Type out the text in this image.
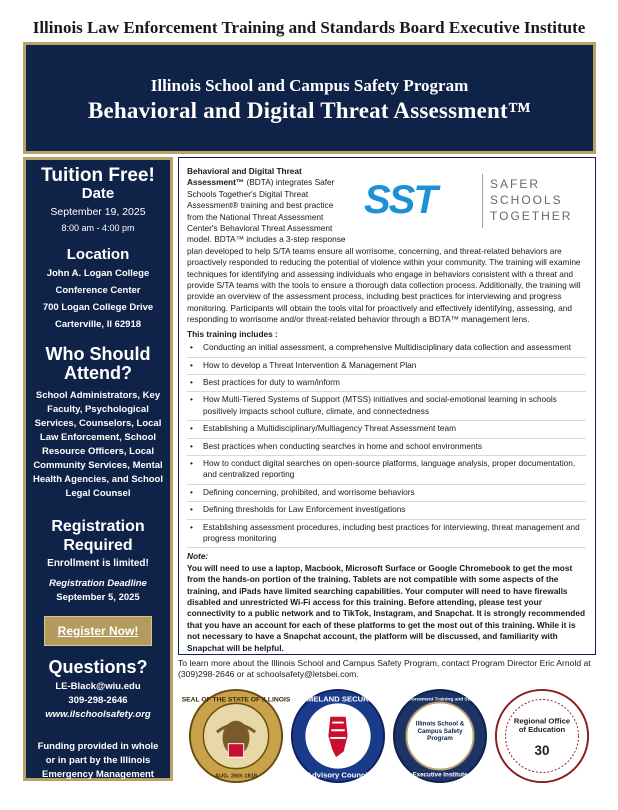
Illinois Law Enforcement Training and Standards Board Executive Institute
Illinois School and Campus Safety Program
Behavioral and Digital Threat Assessment™
Tuition Free!
Date
September 19, 2025
8:00 am - 4:00 pm
Location
John A. Logan College
Conference Center
700 Logan College Drive
Carterville, Il 62918
Who Should Attend?
School Administrators, Key Faculty, Psychological Services, Counselors, Local Law Enforcement, School Resource Officers, Local Community Services, Mental Health Agencies, and School Legal Counsel
Registration Required
Enrollment is limited!
Registration Deadline
September 5, 2025
Register Now!
Questions?
LE-Black@wiu.edu
309-298-2646
www.ilschoolsafety.org
Funding provided in whole or in part by the Illinois Emergency Management Agency, Office of Homeland Security
SST	SAFER
SCHOOLS
TOGETHER

Behavioral and Digital Threat Assessment™ (BDTA) integrates Safer Schools Together's Digital Threat Assessment® training and best practice from the National Threat Assessment Center's Behavioral Threat Assessment model. BDTA™ includes a 3-step response plan developed to help S/TA teams ensure all worrisome, concerning, and threat-related behaviors are proactively responded to reducing the potential of violence within your community. The training will examine techniques for identifying and assessing individuals who engage in behaviors consistent with a threat and provide S/TA teams with the tools to ensure a thorough data collection process. Additionally, the training will provide an overview of the assessment process, including best practices for interviewing and progress monitoring. Participants will obtain the tools vital for proactively and effectively identifying, assessing, and responding to worrisome and/or threat-related behavior through a BDTA™ management lens.

This training includes :
• Conducting an initial assessment, a comprehensive Multidisciplinary data collection and assessment
• How to develop a Threat Intervention & Management Plan
• Best practices for duty to warn/inform
• How Multi-Tiered Systems of Support (MTSS) initiatives and social-emotional learning in schools positively impacts school culture, climate, and connectedness
• Establishing a Multidisciplinary/Multiagency Threat Assessment team
• Best practices when conducting searches in home and school environments
• How to conduct digital searches on open-source platforms, language analysis, proper documentation, and centralized reporting
• Defining concerning, prohibited, and worrisome behaviors
• Defining thresholds for Law Enforcement investigations
• Establishing assessment procedures, including best practices for interviewing, threat management and progress monitoring
Note:
You will need to use a laptop, Macbook, Microsoft Surface or Google Chromebook to get the most from the hands-on portion of the training. Tablets are not compatible with some aspects of the training, and iPads have limited searching capabilities. Your computer will need to have firewalls disabled and unrestricted Wi-Fi access for this training. Before attending, please test your connectivity to a public network and to TikTok, Instagram, and Snapchat. It is strongly recommended that you have an account for each of these platforms to get the most out of this training. While it is not necessary to have a Snapchat account, the platform will be discussed, and familiarity with Snapchat will be helpful.
To learn more about the Illinois School and Campus Safety Program, contact Program Director Eric Arnold at (309)298-2646 or at schoolsafety@letsbei.com.
SEAL OF THE STATE OF ILLINOIS
AUG. 26th 1818
HOMELAND SECURITY
Advisory Council
Illinois Law Enforcement Training and Standards Board
Illinois School & Campus Safety Program
Executive Institute
Regional Office of Education
30
